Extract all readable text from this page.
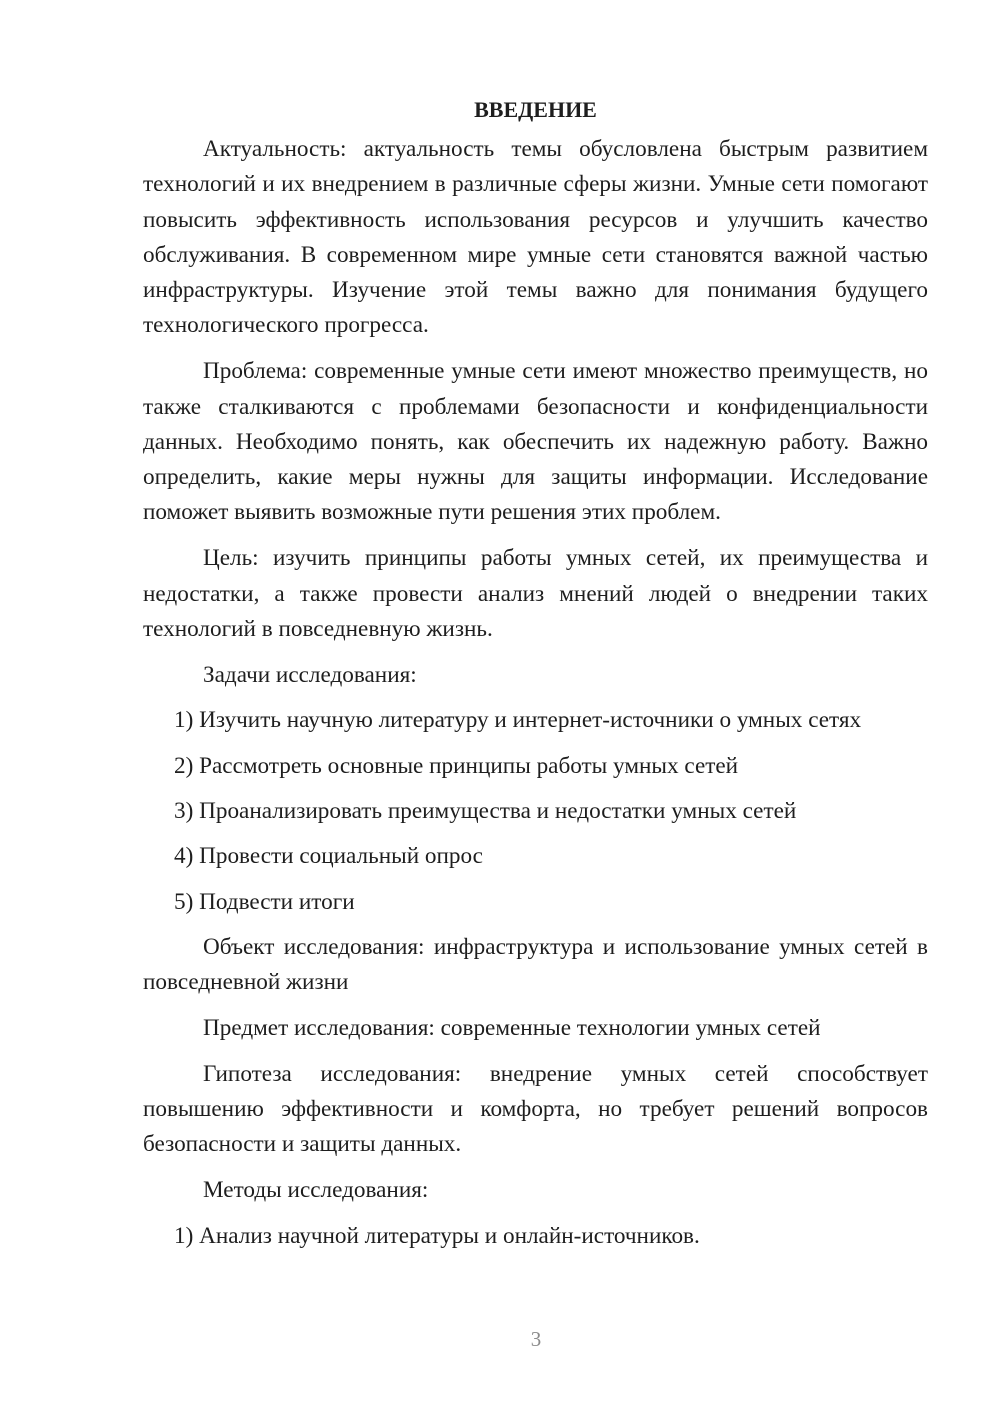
ВВЕДЕНИЕ

Актуальность: актуальность темы обусловлена быстрым развитием технологий и их внедрением в различные сферы жизни. Умные сети помогают повысить эффективность использования ресурсов и улучшить качество обслуживания. В современном мире умные сети становятся важной частью инфраструктуры. Изучение этой темы важно для понимания будущего технологического прогресса.

Проблема: современные умные сети имеют множество преимуществ, но также сталкиваются с проблемами безопасности и конфиденциальности данных. Необходимо понять, как обеспечить их надежную работу. Важно определить, какие меры нужны для защиты информации. Исследование поможет выявить возможные пути решения этих проблем.

Цель: изучить принципы работы умных сетей, их преимущества и недостатки, а также провести анализ мнений людей о внедрении таких технологий в повседневную жизнь.

Задачи исследования:

1) Изучить научную литературу и интернет-источники о умных сетях

2) Рассмотреть основные принципы работы умных сетей

3) Проанализировать преимущества и недостатки умных сетей

4) Провести социальный опрос

5) Подвести итоги

Объект исследования: инфраструктура и использование умных сетей в повседневной жизни

Предмет исследования: современные технологии умных сетей

Гипотеза исследования: внедрение умных сетей способствует повышению эффективности и комфорта, но требует решений вопросов безопасности и защиты данных.

Методы исследования:

1) Анализ научной литературы и онлайн-источников.

3
